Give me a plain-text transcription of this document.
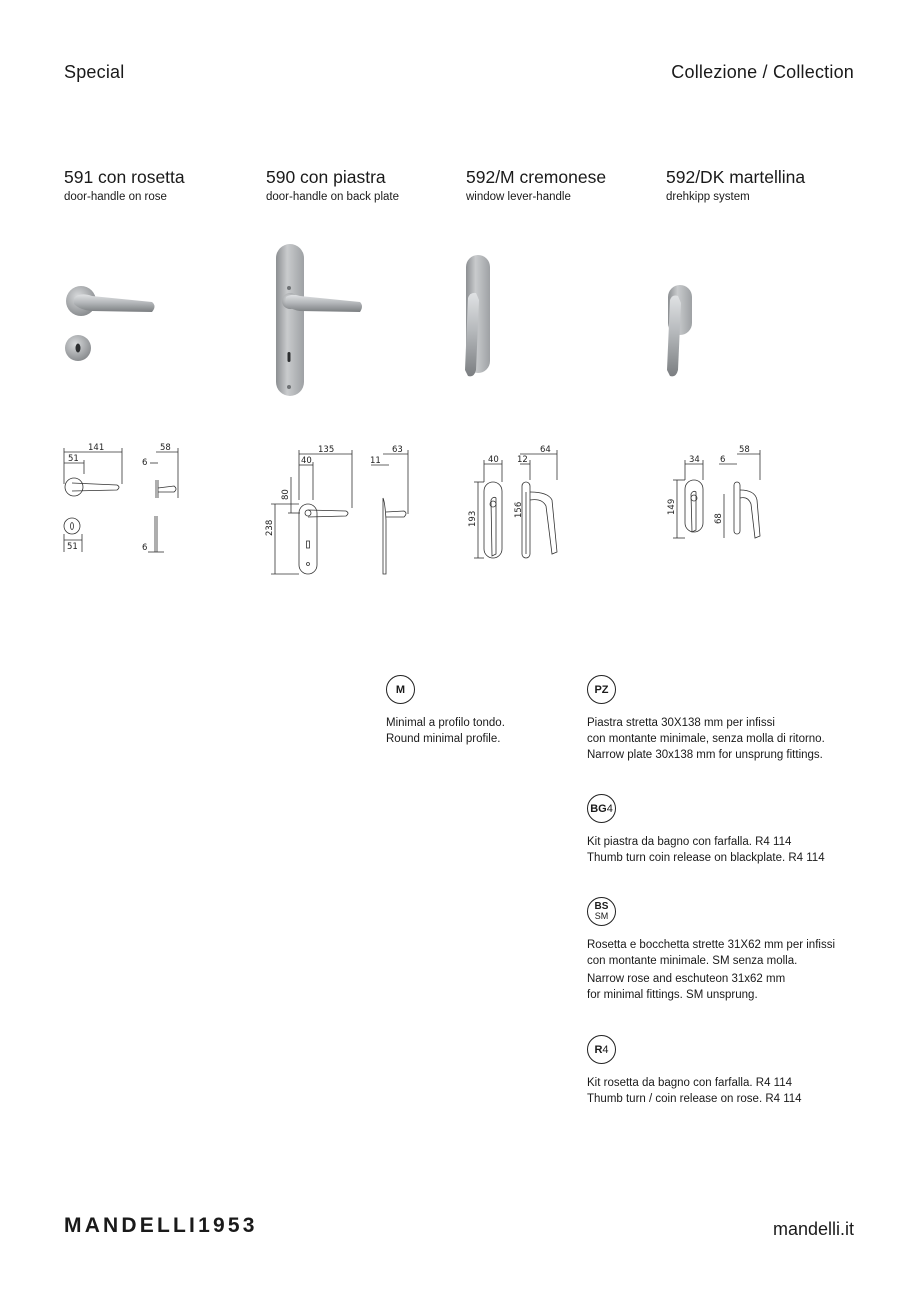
Special	Collezione / Collection
591 con rosetta
door-handle on rose
590 con piastra
door-handle on back plate
592/M cremonese
window lever-handle
592/DK martellina
drehkipp system
141
51
58
6
51	6
135
40
63
11
80
238
40 12
64
193
156
34 6
58
149
68
M

Minimal a profilo tondo.

Round minimal profile.

PZ

Piastra stretta 30X138 mm per infissi

con montante minimale, senza molla di ritorno.

Narrow plate 30x138 mm for unsprung fittings.

BG 4

Kit piastra da bagno con farfalla. R4 114

Thumb turn coin release on blackplate. R4 114

BS
SM

Rosetta e bocchetta strette 31X62 mm per infissi

con montante minimale. SM senza molla.

Narrow rose and eschuteon 31x62 mm

for minimal fittings. SM unsprung.

R 4

Kit rosetta da bagno con farfalla. R4 114

Thumb turn / coin release on rose. R4 114

MANDELLI1953	mandelli.it
